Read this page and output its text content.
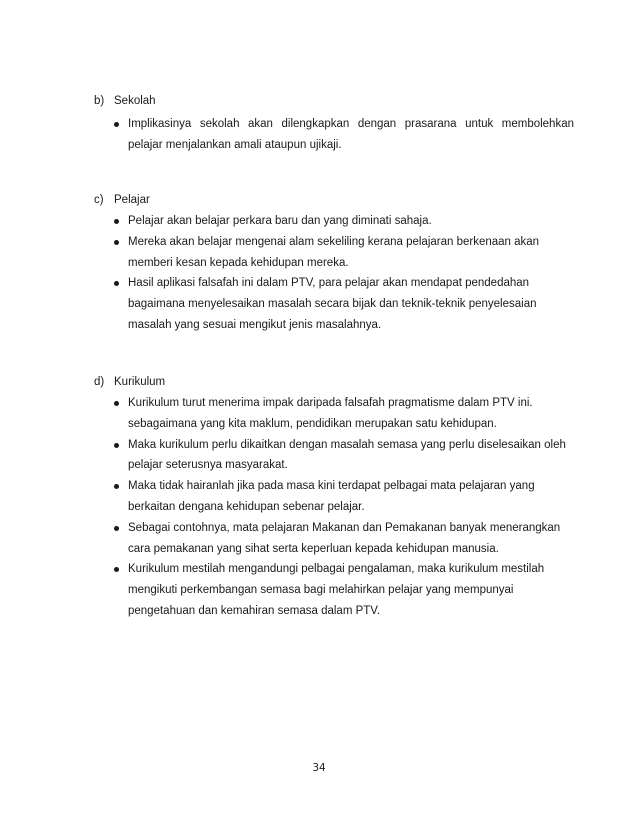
b) Sekolah
Implikasinya sekolah akan dilengkapkan dengan prasarana untuk membolehkan pelajar menjalankan amali ataupun ujikaji.
c) Pelajar
Pelajar akan belajar perkara baru dan yang diminati sahaja.
Mereka akan belajar mengenai alam sekeliling kerana pelajaran berkenaan akan memberi kesan kepada kehidupan mereka.
Hasil aplikasi falsafah ini dalam PTV, para pelajar akan mendapat pendedahan bagaimana menyelesaikan masalah secara bijak dan teknik-teknik penyelesaian masalah yang sesuai mengikut jenis masalahnya.
d) Kurikulum
Kurikulum turut menerima impak daripada falsafah pragmatisme dalam PTV ini. sebagaimana yang kita maklum, pendidikan merupakan satu kehidupan.
Maka kurikulum perlu dikaitkan dengan masalah semasa yang perlu diselesaikan oleh pelajar seterusnya masyarakat.
Maka tidak hairanlah jika pada masa kini terdapat pelbagai mata pelajaran yang berkaitan dengana kehidupan sebenar pelajar.
Sebagai contohnya, mata pelajaran Makanan dan Pemakanan banyak menerangkan cara pemakanan yang sihat serta keperluan kepada kehidupan manusia.
Kurikulum mestilah mengandungi pelbagai pengalaman, maka kurikulum mestilah mengikuti perkembangan semasa bagi melahirkan pelajar yang mempunyai pengetahuan dan kemahiran semasa dalam PTV.
34
